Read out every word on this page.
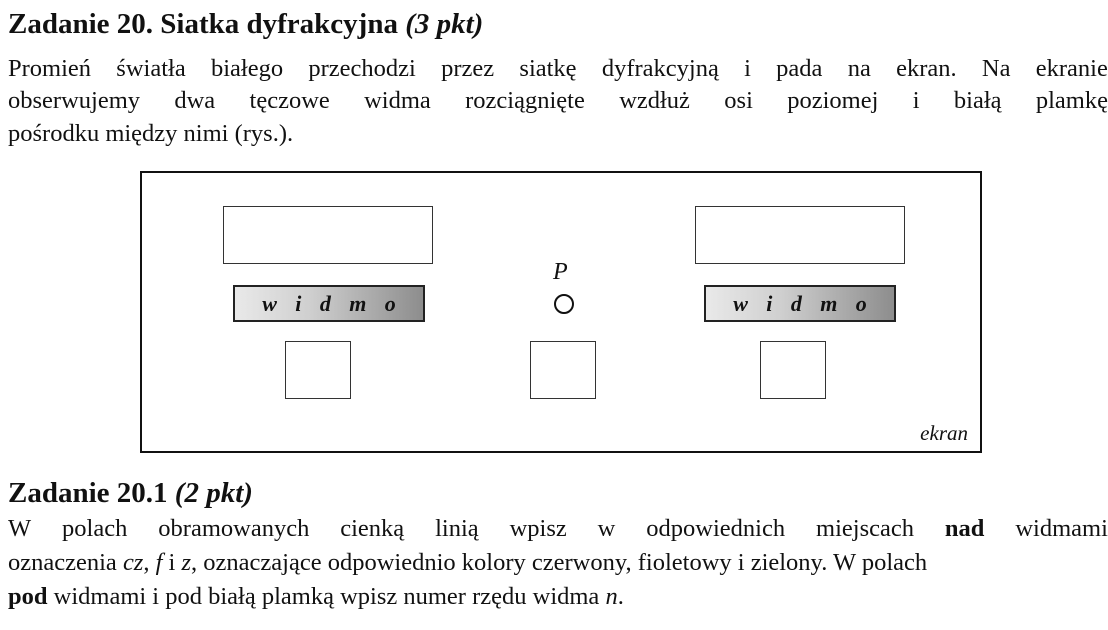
Zadanie 20. Siatka dyfrakcyjna (3 pkt)
Promień światła białego przechodzi przez siatkę dyfrakcyjną i pada na ekran. Na ekranie
obserwujemy dwa tęczowe widma rozciągnięte wzdłuż osi poziomej i białą plamkę
pośrodku między nimi (rys.).
w i d m o	w i d m o
P
ekran
Zadanie 20.1 (2 pkt)
W polach obramowanych cienką linią wpisz w odpowiednich miejscach nad widmami
oznaczenia cz, f i z, oznaczające odpowiednio kolory czerwony, fioletowy i zielony. W polach
pod widmami i pod białą plamką wpisz numer rzędu widma n.
